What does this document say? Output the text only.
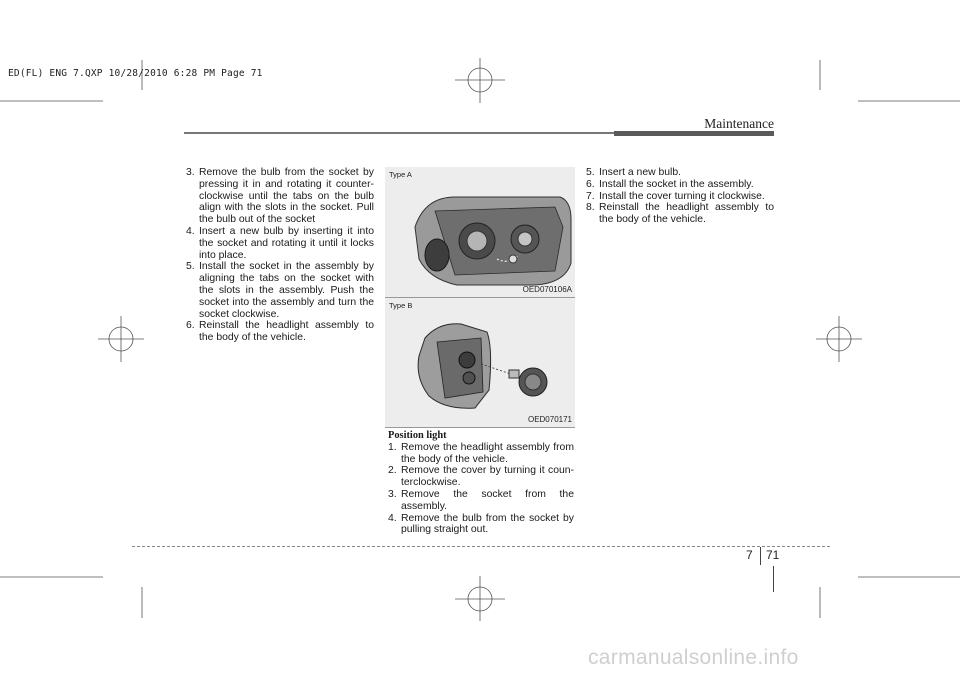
ED(FL) ENG 7.QXP 10/28/2010 6:28 PM Page 71
Maintenance
3. Remove the bulb from the socket by pressing it in and rotating it counter-clockwise until the tabs on the bulb align with the slots in the socket. Pull the bulb out of the socket
4. Insert a new bulb by inserting it into the socket and rotating it until it locks into place.
5. Install the socket in the assembly by aligning the tabs on the socket with the slots in the assembly. Push the socket into the assembly and turn the socket clockwise.
6. Reinstall the headlight assembly to the body of the vehicle.
Type A
OED070106A
Type B
OED070171
Position light
1. Remove the headlight assembly from the body of the vehicle.
2. Remove the cover by turning it coun-terclockwise.
3. Remove the socket from the assembly.
4. Remove the bulb from the socket by pulling straight out.
5. Insert a new bulb.
6. Install the socket in the assembly.
7. Install the cover turning it clockwise.
8. Reinstall the headlight assembly to the body of the vehicle.
7 71
carmanualsonline.info
